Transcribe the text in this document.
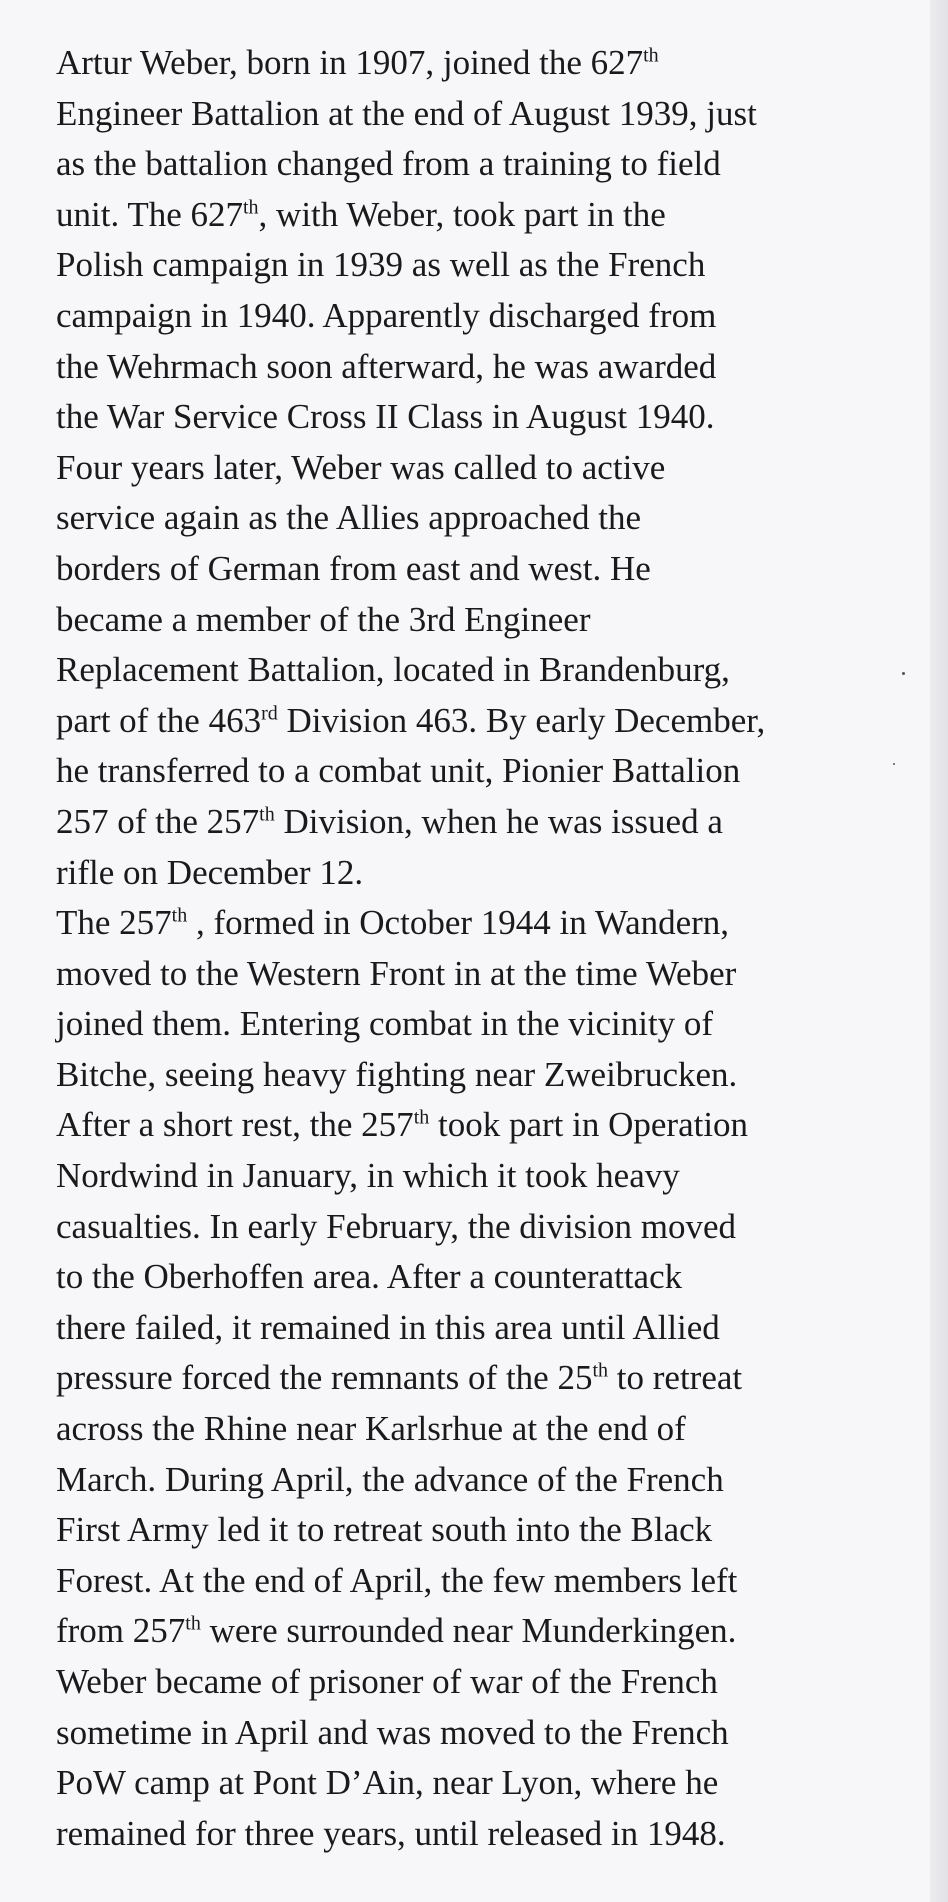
Artur Weber, born in 1907, joined the 627th
Engineer Battalion at the end of August 1939, just
as the battalion changed from a training to field
unit. The 627th, with Weber, took part in the
Polish campaign in 1939 as well as the French
campaign in 1940. Apparently discharged from
the Wehrmach soon afterward, he was awarded
the War Service Cross II Class in August 1940.
Four years later, Weber was called to active
service again as the Allies approached the
borders of German from east and west. He
became a member of the 3rd Engineer
Replacement Battalion, located in Brandenburg,
part of the 463rd Division 463. By early December,
he transferred to a combat unit, Pionier Battalion
257 of the 257th Division, when he was issued a
rifle on December 12.
The 257th , formed in October 1944 in Wandern,
moved to the Western Front in at the time Weber
joined them. Entering combat in the vicinity of
Bitche, seeing heavy fighting near Zweibrucken.
After a short rest, the 257th took part in Operation
Nordwind in January, in which it took heavy
casualties. In early February, the division moved
to the Oberhoffen area. After a counterattack
there failed, it remained in this area until Allied
pressure forced the remnants of the 25th to retreat
across the Rhine near Karlsrhue at the end of
March. During April, the advance of the French
First Army led it to retreat south into the Black
Forest. At the end of April, the few members left
from 257th were surrounded near Munderkingen.
Weber became of prisoner of war of the French
sometime in April and was moved to the French
PoW camp at Pont D’Ain, near Lyon, where he
remained for three years, until released in 1948.
